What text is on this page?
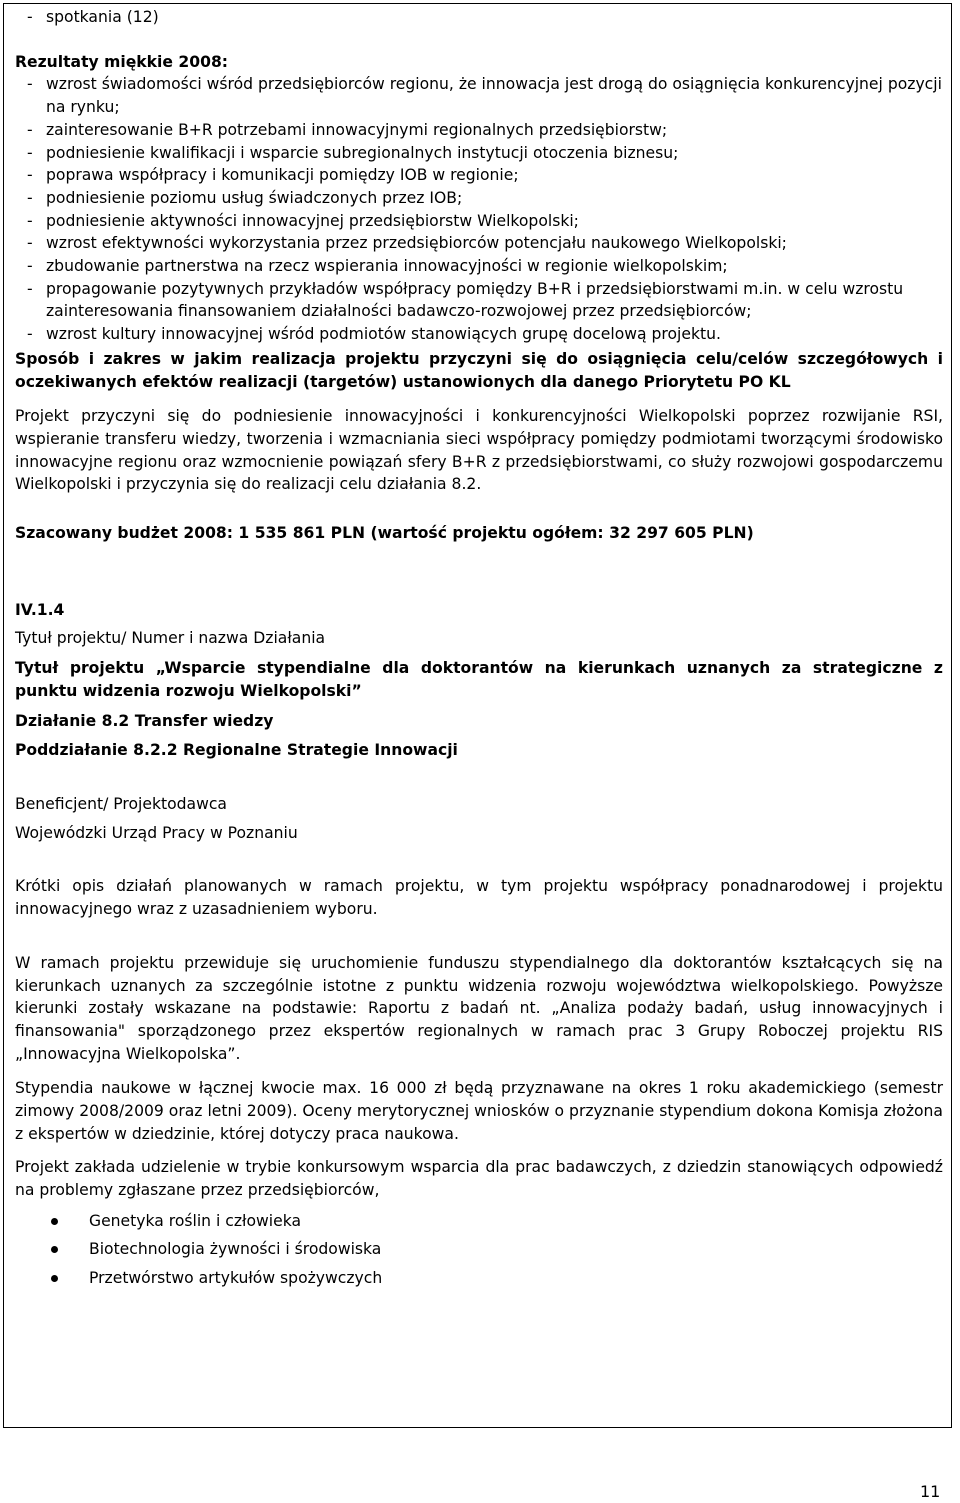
- spotkania (12)

Rezultaty miękkie 2008:

- wzrost świadomości wśród przedsiębiorców regionu, że innowacja jest drogą do osiągnięcia konkurencyjnej pozycji na rynku;
- zainteresowanie B+R potrzebami innowacyjnymi regionalnych przedsiębiorstw;
- podniesienie kwalifikacji i wsparcie subregionalnych instytucji otoczenia biznesu;
- poprawa współpracy i komunikacji pomiędzy IOB w regionie;
- podniesienie poziomu usług świadczonych przez IOB;
- podniesienie aktywności innowacyjnej przedsiębiorstw Wielkopolski;
- wzrost efektywności wykorzystania przez przedsiębiorców potencjału naukowego Wielkopolski;
- zbudowanie partnerstwa na rzecz wspierania innowacyjności w regionie wielkopolskim;
- propagowanie pozytywnych przykładów współpracy pomiędzy B+R i przedsiębiorstwami m.in. w celu wzrostu zainteresowania finansowaniem działalności badawczo-rozwojowej przez przedsiębiorców;
- wzrost kultury innowacyjnej wśród podmiotów stanowiących grupę docelową projektu.

Sposób i zakres w jakim realizacja projektu przyczyni się do osiągnięcia celu/celów szczegółowych i oczekiwanych efektów realizacji (targetów) ustanowionych dla danego Priorytetu PO KL

Projekt przyczyni się do podniesienie innowacyjności i konkurencyjności Wielkopolski poprzez rozwijanie RSI, wspieranie transferu wiedzy, tworzenia i wzmacniania sieci współpracy pomiędzy podmiotami tworzącymi środowisko innowacyjne regionu oraz wzmocnienie powiązań sfery B+R z przedsiębiorstwami, co służy rozwojowi gospodarczemu Wielkopolski i przyczynia się do realizacji celu działania 8.2.

Szacowany budżet 2008: 1 535 861 PLN (wartość projektu ogółem: 32 297 605 PLN)

IV.1.4

Tytuł projektu/ Numer i nazwa Działania

Tytuł projektu „Wsparcie stypendialne dla doktorantów na kierunkach uznanych za strategiczne z punktu widzenia rozwoju Wielkopolski”

Działanie 8.2 Transfer wiedzy

Poddziałanie 8.2.2 Regionalne Strategie Innowacji

Beneficjent/ Projektodawca

Wojewódzki Urząd Pracy w Poznaniu

Krótki opis działań planowanych w ramach projektu, w tym projektu współpracy ponadnarodowej i projektu innowacyjnego wraz z uzasadnieniem wyboru.

W ramach projektu przewiduje się uruchomienie funduszu stypendialnego dla doktorantów kształcących się na kierunkach uznanych za szczególnie istotne z punktu widzenia rozwoju województwa wielkopolskiego. Powyższe kierunki zostały wskazane na podstawie: Raportu z badań nt. „Analiza podaży badań, usług innowacyjnych i finansowania" sporządzonego przez ekspertów regionalnych w ramach prac 3 Grupy Roboczej projektu RIS „Innowacyjna Wielkopolska”.

Stypendia naukowe w łącznej kwocie max. 16 000 zł będą przyznawane na okres 1 roku akademickiego (semestr zimowy 2008/2009 oraz letni 2009). Oceny merytorycznej wniosków o przyznanie stypendium dokona Komisja złożona z ekspertów w dziedzinie, której dotyczy praca naukowa.

Projekt zakłada udzielenie w trybie konkursowym wsparcia dla prac badawczych, z dziedzin stanowiących odpowiedź na problemy zgłaszane przez przedsiębiorców,

Genetyka roślin i człowieka
Biotechnologia żywności i środowiska
Przetwórstwo artykułów spożywczych
11
